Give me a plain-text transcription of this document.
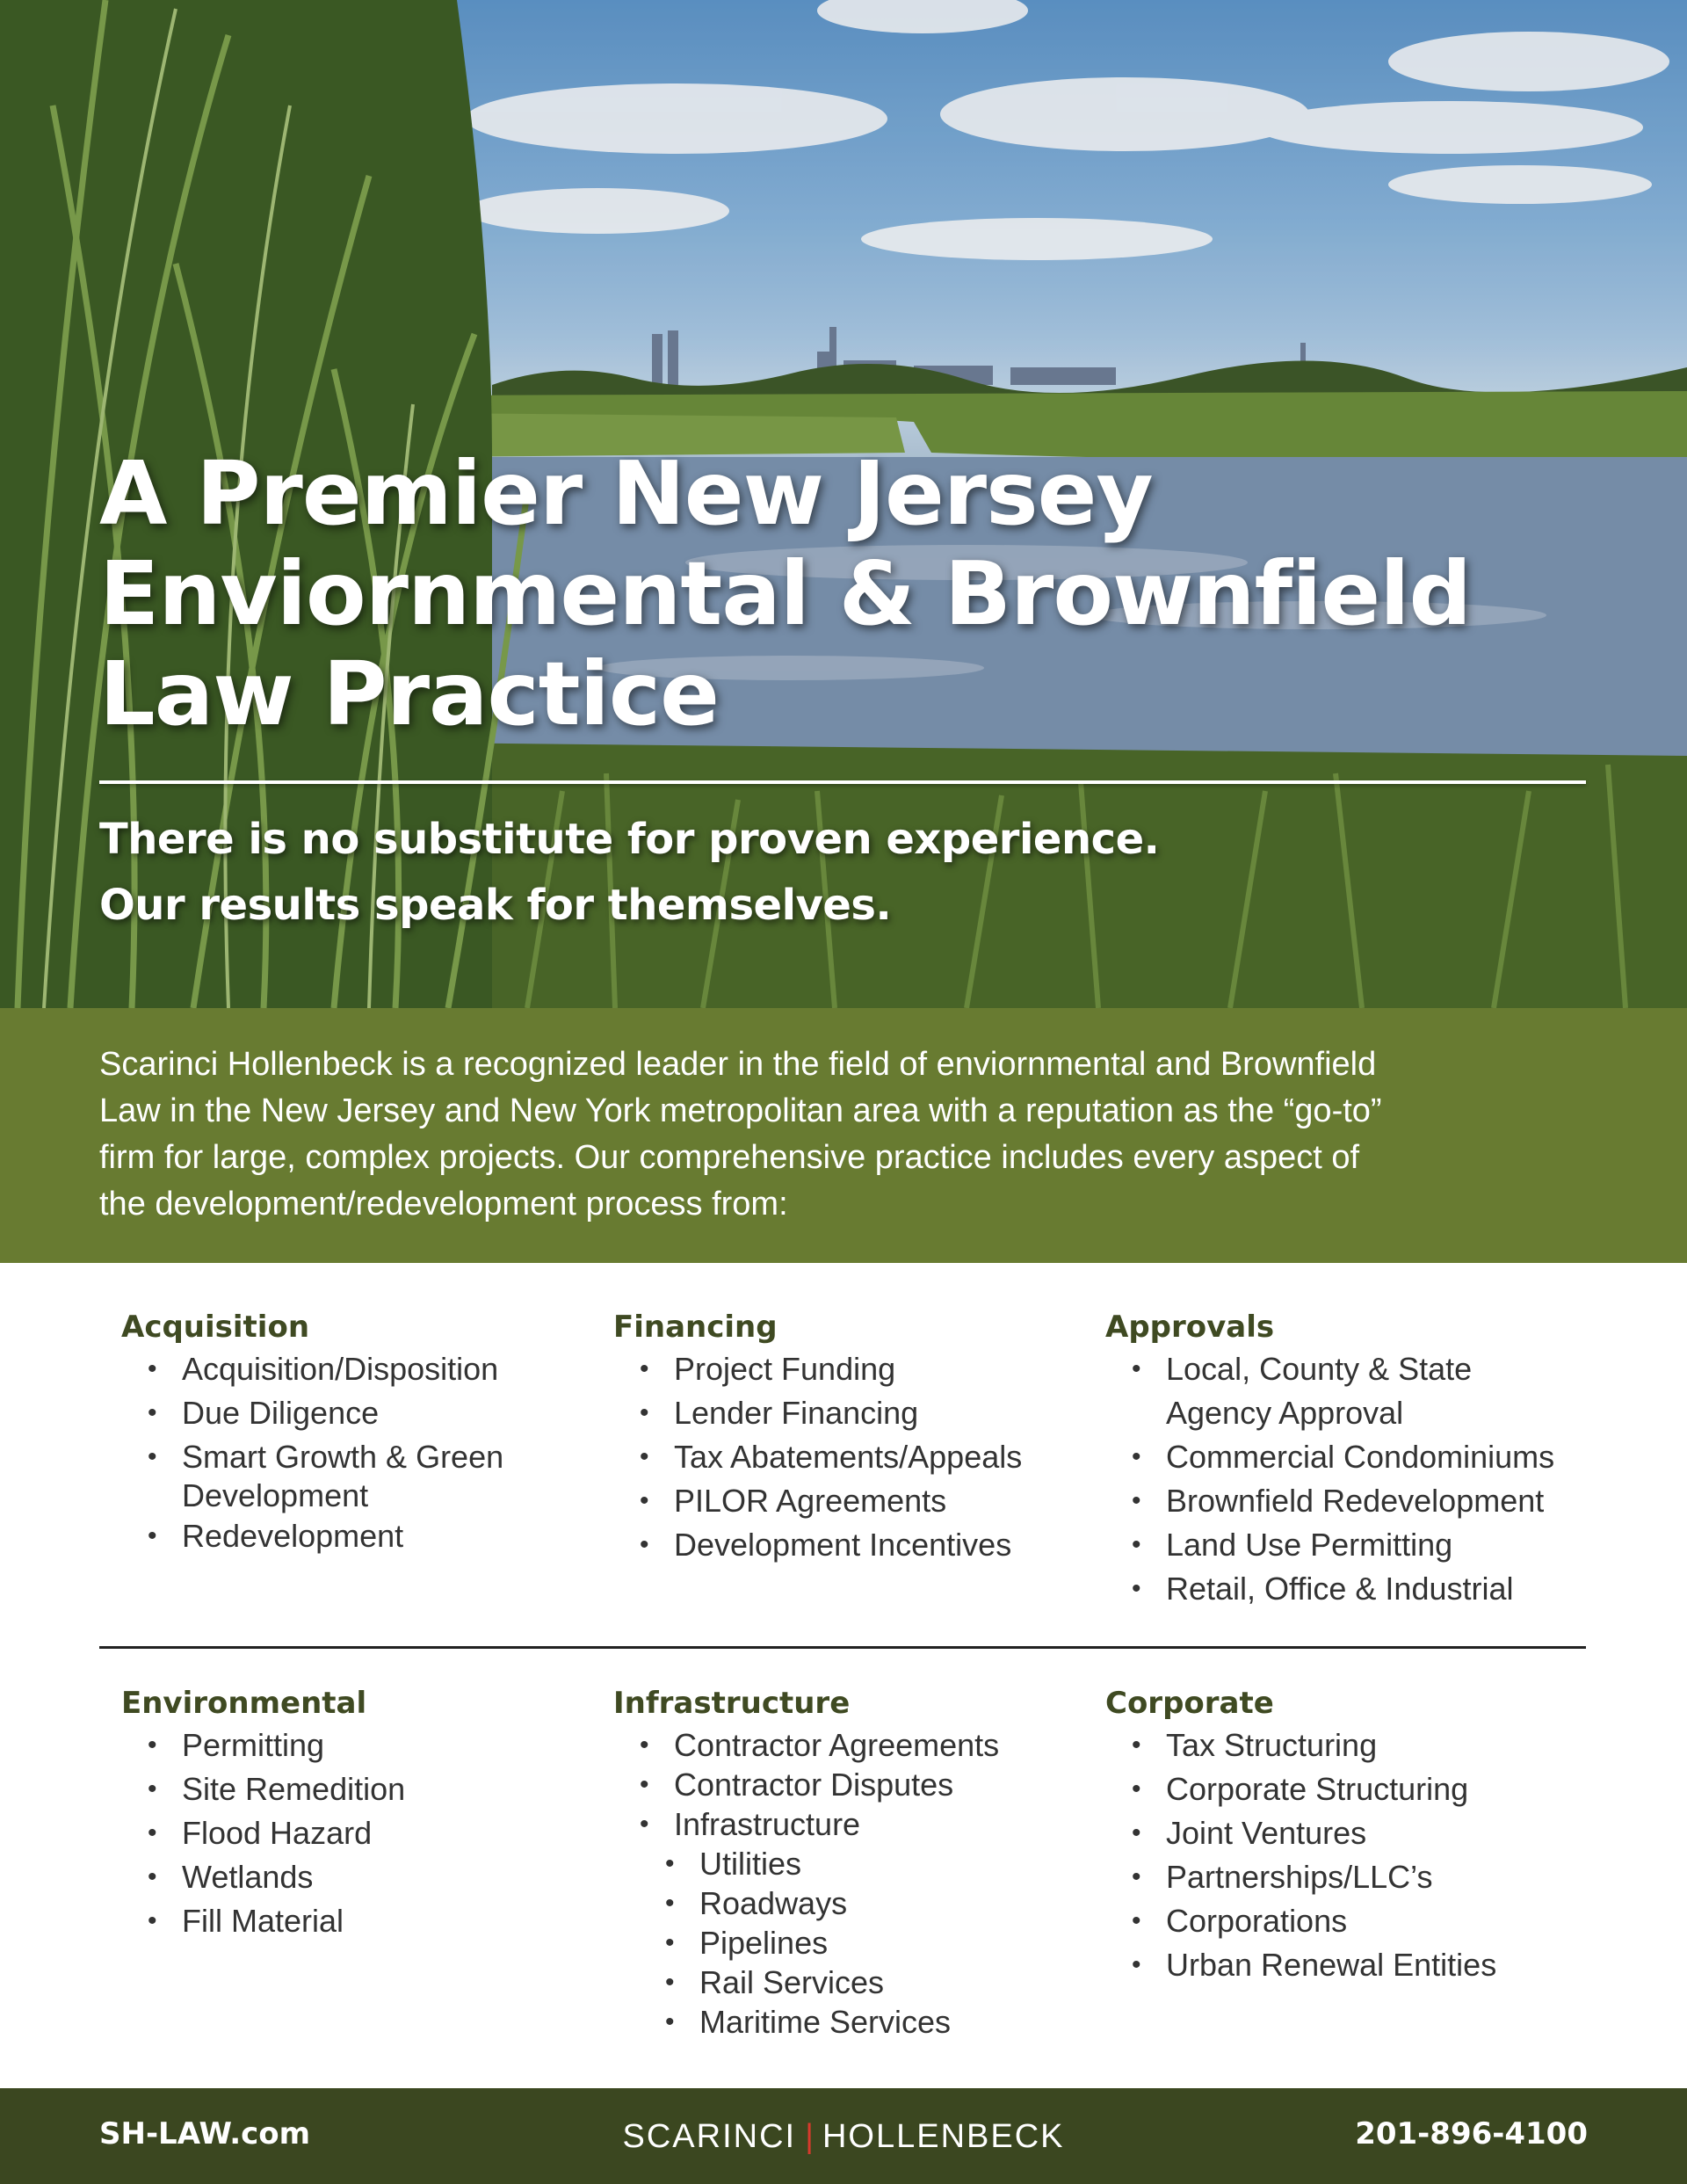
A Premier New Jersey
Enviornmental & Brownfield
Law Practice

There is no substitute for proven experience.
Our results speak for themselves.

Scarinci Hollenbeck is a recognized leader in the field of enviornmental and Brownfield
Law in the New Jersey and New York metropolitan area with a reputation as the “go-to”
firm for large, complex projects. Our comprehensive practice includes every aspect of
the development/redevelopment process from:

Acquisition
• Acquisition/Disposition
• Due Diligence
• Smart Growth & Green
Development
• Redevelopment
Financing
• Project Funding
• Lender Financing
• Tax Abatements/Appeals
• PILOR Agreements
• Development Incentives
Approvals
• Local, County & State
Agency Approval
• Commercial Condominiums
• Brownfield Redevelopment
• Land Use Permitting
• Retail, Office & Industrial
Environmental
• Permitting
• Site Remedition
• Flood Hazard
• Wetlands
• Fill Material
Infrastructure
• Contractor Agreements
• Contractor Disputes
• Infrastructure
• Utilities
• Roadways
• Pipelines
• Rail Services
• Maritime Services
Corporate
• Tax Structuring
• Corporate Structuring
• Joint Ventures
• Partnerships/LLC’s
• Corporations
• Urban Renewal Entities
SH-LAW.com	SCARINCI | HOLLENBECK	201-896-4100
